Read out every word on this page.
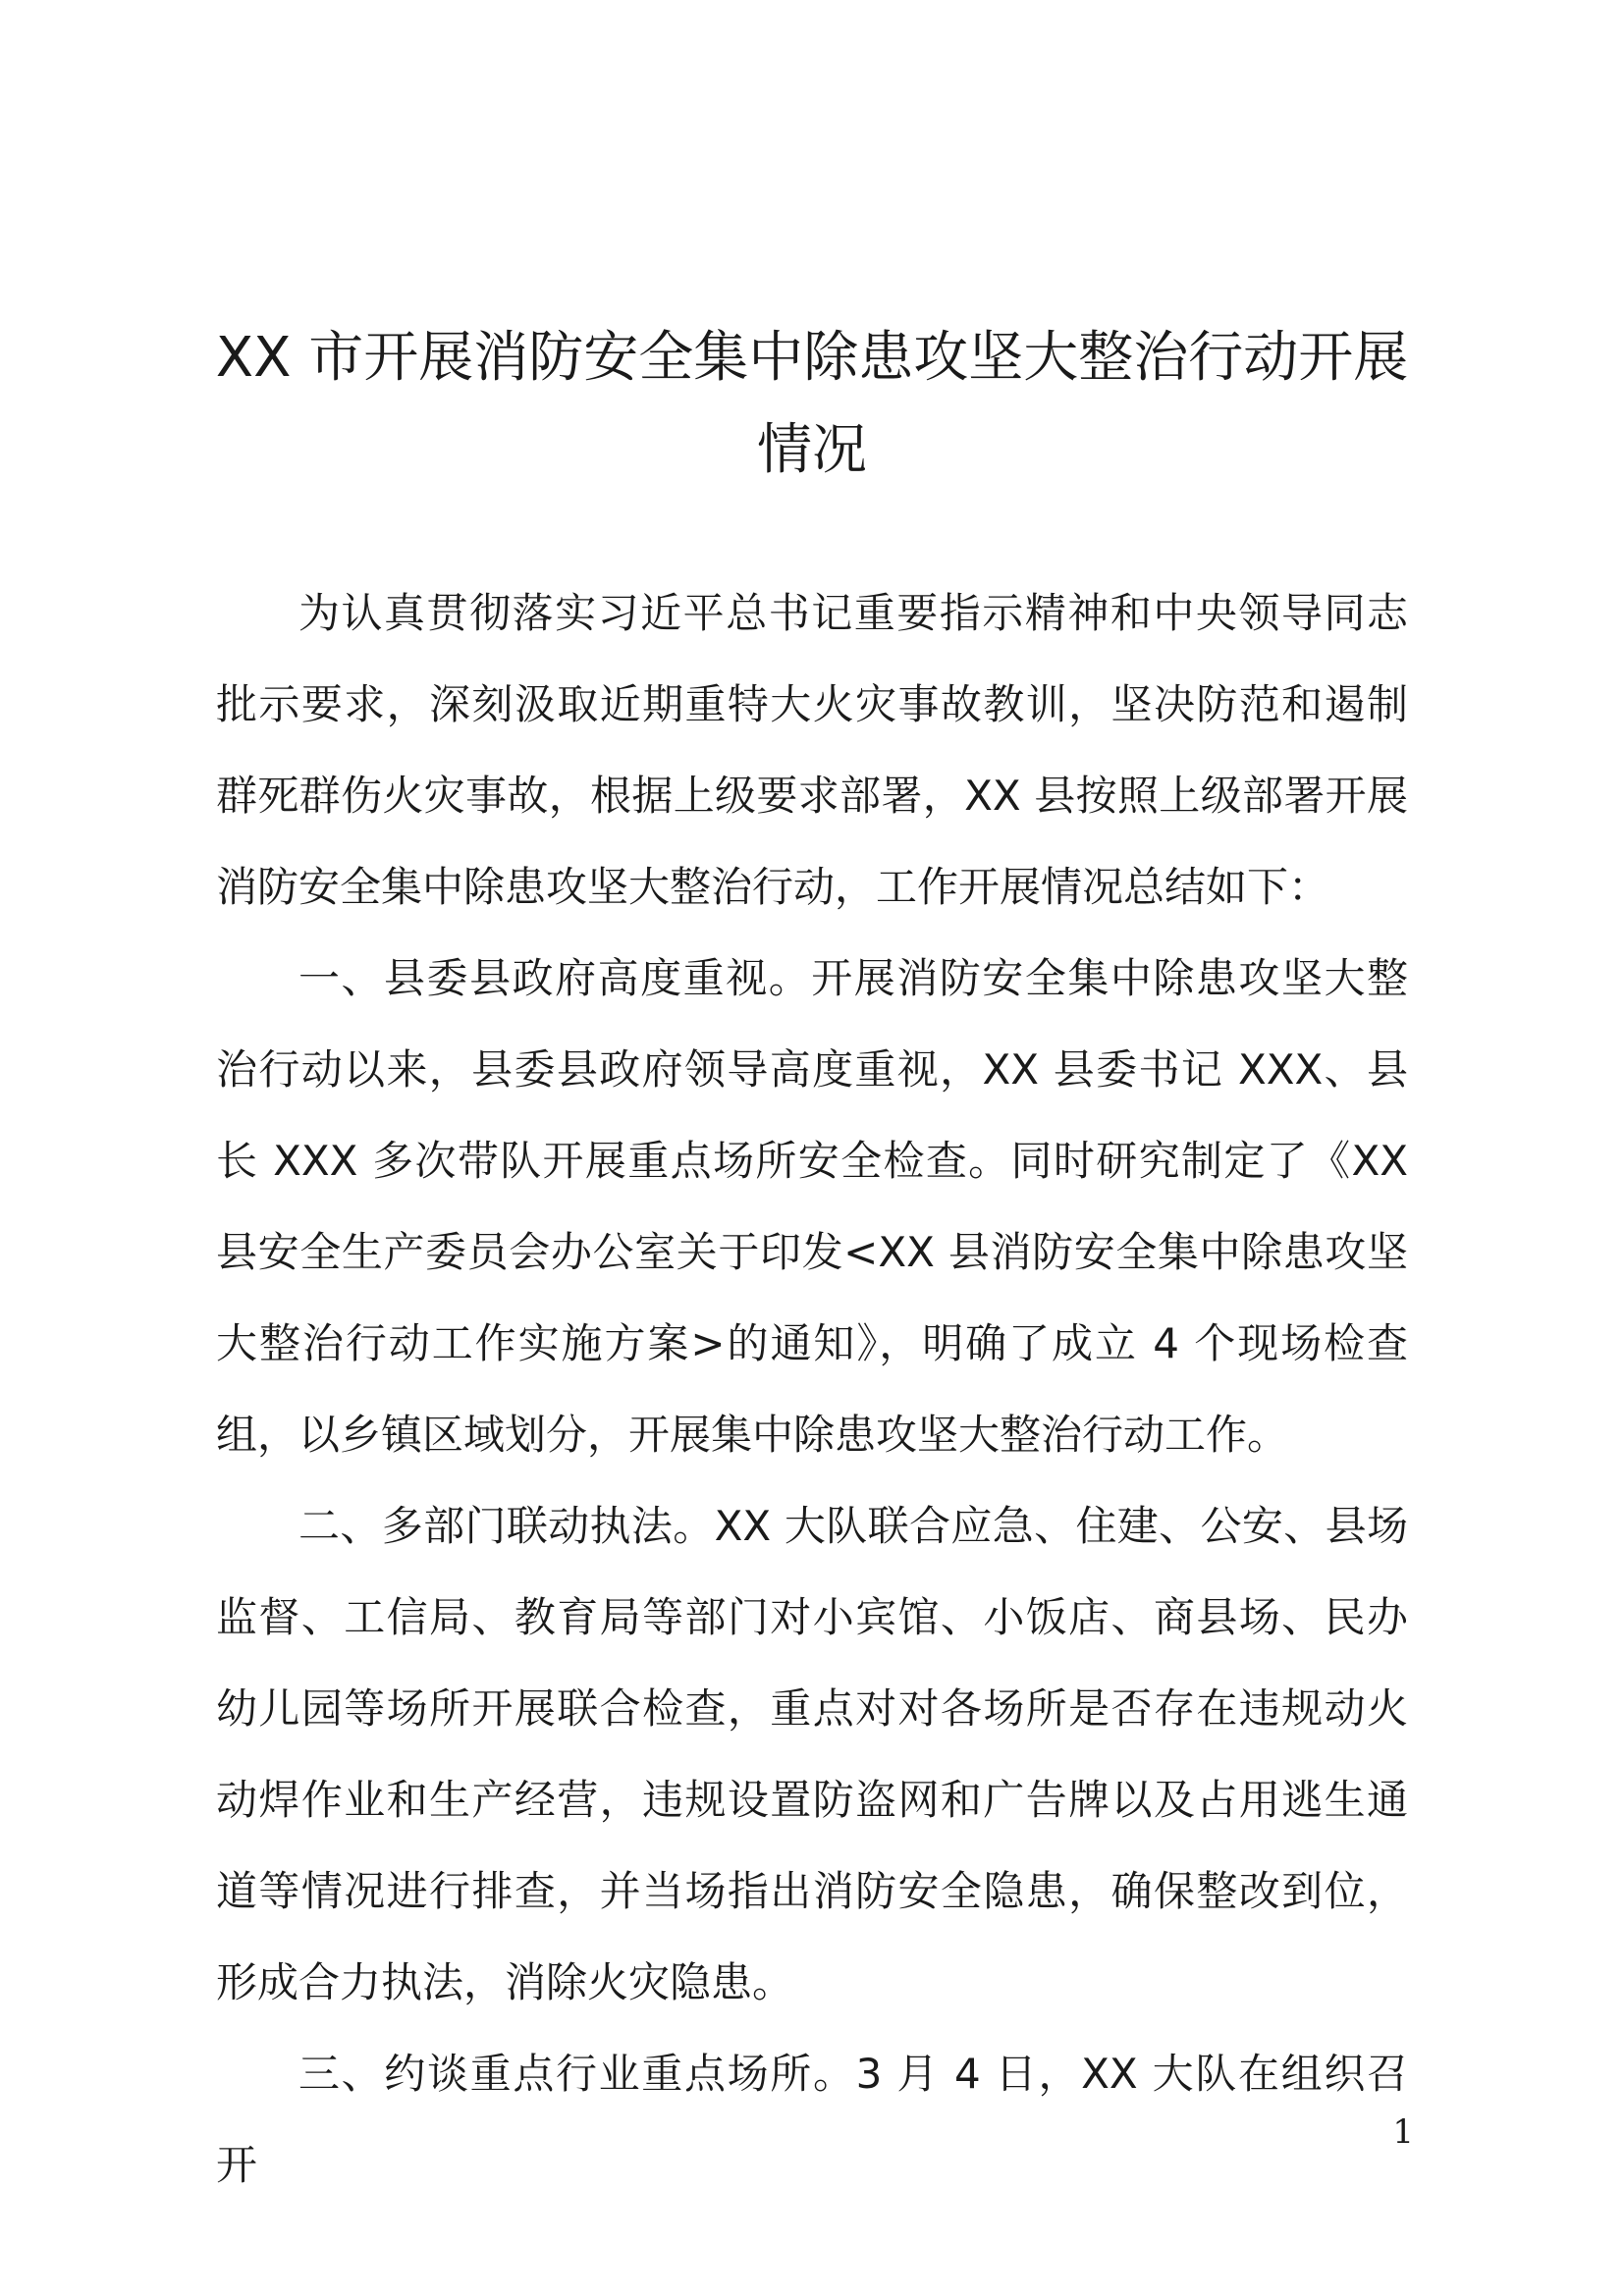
XX 市开展消防安全集中除患攻坚大整治行动开展情况

为认真贯彻落实习近平总书记重要指示精神和中央领导同志批示要求，深刻汲取近期重特大火灾事故教训，坚决防范和遏制群死群伤火灾事故，根据上级要求部署，XX 县按照上级部署开展消防安全集中除患攻坚大整治行动，工作开展情况总结如下：

一、县委县政府高度重视。开展消防安全集中除患攻坚大整治行动以来，县委县政府领导高度重视，XX 县委书记 XXX、县长 XXX 多次带队开展重点场所安全检查。同时研究制定了《XX 县安全生产委员会办公室关于印发<XX 县消防安全集中除患攻坚大整治行动工作实施方案>的通知》，明确了成立 4 个现场检查组，以乡镇区域划分，开展集中除患攻坚大整治行动工作。

二、多部门联动执法。XX 大队联合应急、住建、公安、县场监督、工信局、教育局等部门对小宾馆、小饭店、商县场、民办幼儿园等场所开展联合检查，重点对对各场所是否存在违规动火动焊作业和生产经营，违规设置防盗网和广告牌以及占用逃生通道等情况进行排查，并当场指出消防安全隐患，确保整改到位，形成合力执法，消除火灾隐患。

三、约谈重点行业重点场所。3 月 4 日，XX 大队在组织召开

1
